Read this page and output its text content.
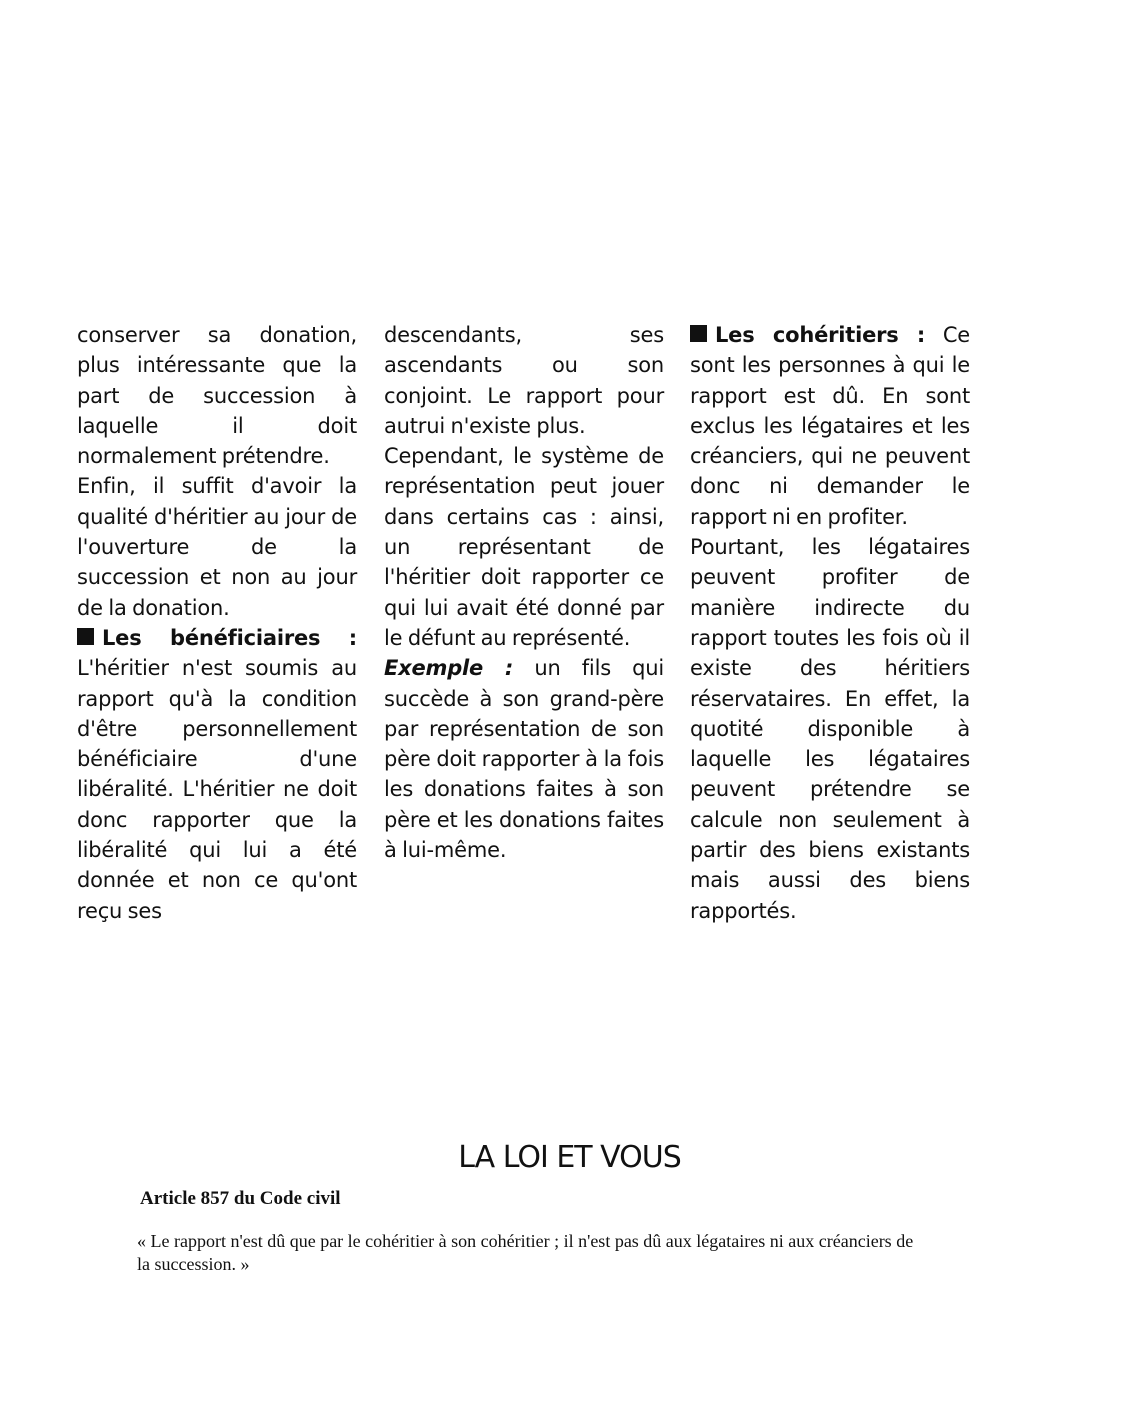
conserver sa donation, plus intéressante que la part de succession à laquelle il doit normalement prétendre.

Enfin, il suffit d'avoir la qualité d'héritier au jour de l'ouverture de la succession et non au jour de la donation.

Les bénéficiaires : L'héritier n'est soumis au rapport qu'à la condition d'être personnellement bénéficiaire d'une libéralité. L'héritier ne doit donc rapporter que la libéralité qui lui a été donnée et non ce qu'ont reçu ses

descendants, ses ascendants ou son conjoint. Le rapport pour autrui n'existe plus.

Cependant, le système de représentation peut jouer dans certains cas : ainsi, un représentant de l'héritier doit rapporter ce qui lui avait été donné par le défunt au représenté.

Exemple : un fils qui succède à son grand-père par représentation de son père doit rapporter à la fois les donations faites à son père et les donations faites à lui-même.

Les cohéritiers : Ce sont les personnes à qui le rapport est dû. En sont exclus les légataires et les créanciers, qui ne peuvent donc ni demander le rapport ni en profiter.

Pourtant, les légataires peuvent profiter de manière indirecte du rapport toutes les fois où il existe des héritiers réservataires. En effet, la quotité disponible à laquelle les légataires peuvent prétendre se calcule non seulement à partir des biens existants mais aussi des biens rapportés.

LA LOI ET VOUS
Article 857 du Code civil
« Le rapport n'est dû que par le cohéritier à son cohéritier ; il n'est pas dû aux légataires ni aux créanciers de la succession. »
